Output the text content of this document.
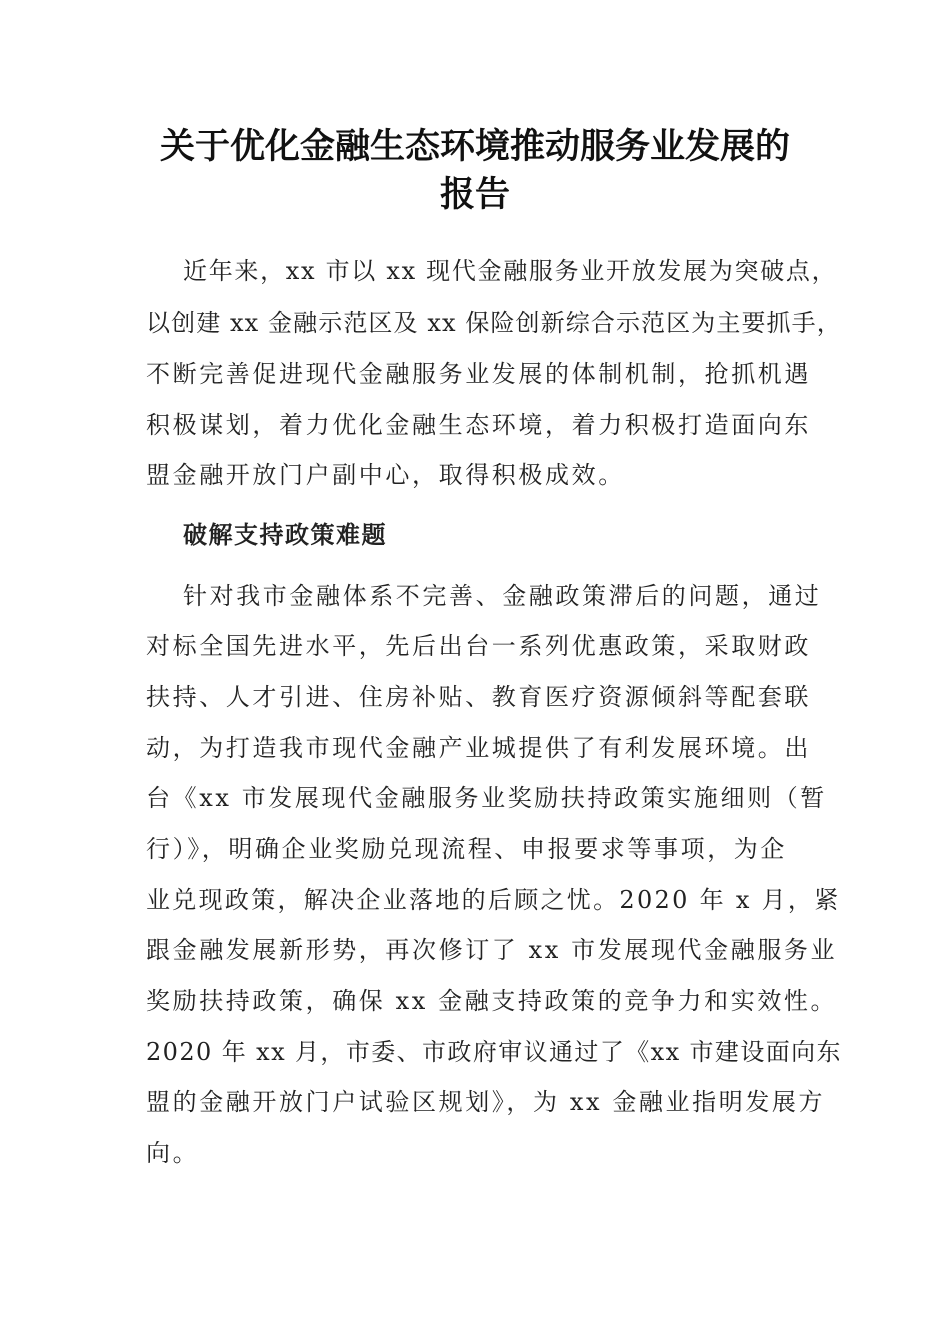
关于优化金融生态环境推动服务业发展的
报告
近年来，xx 市以 xx 现代金融服务业开放发展为突破点，
以创建 xx 金融示范区及 xx 保险创新综合示范区为主要抓手，
不断完善促进现代金融服务业发展的体制机制，抢抓机遇
积极谋划，着力优化金融生态环境，着力积极打造面向东
盟金融开放门户副中心，取得积极成效。
破解支持政策难题
针对我市金融体系不完善、金融政策滞后的问题，通过
对标全国先进水平，先后出台一系列优惠政策，采取财政
扶持、人才引进、住房补贴、教育医疗资源倾斜等配套联
动，为打造我市现代金融产业城提供了有利发展环境。出
台《xx 市发展现代金融服务业奖励扶持政策实施细则（暂
行）》，明确企业奖励兑现流程、申报要求等事项，为企
业兑现政策，解决企业落地的后顾之忧。2020 年 x 月，紧
跟金融发展新形势，再次修订了 xx 市发展现代金融服务业
奖励扶持政策，确保 xx 金融支持政策的竞争力和实效性。
2020 年 xx 月，市委、市政府审议通过了《xx 市建设面向东
盟的金融开放门户试验区规划》，为 xx 金融业指明发展方
向。
